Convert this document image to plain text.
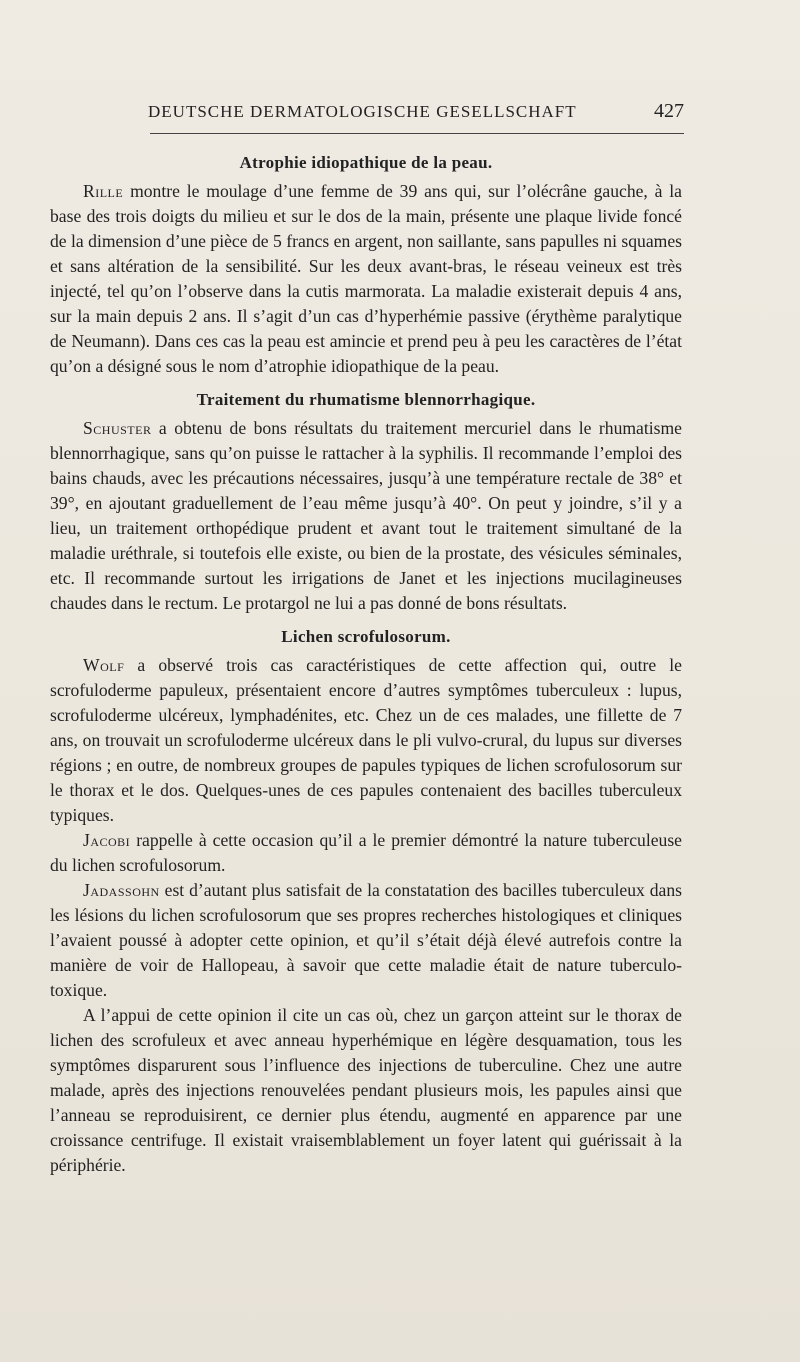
DEUTSCHE DERMATOLOGISCHE GESELLSCHAFT	427

Atrophie idiopathique de la peau.

Rille montre le moulage d’une femme de 39 ans qui, sur l’olécrâne gauche, à la base des trois doigts du milieu et sur le dos de la main, présente une plaque livide foncé de la dimension d’une pièce de 5 francs en argent, non saillante, sans papulles ni squames et sans altération de la sensibilité. Sur les deux avant-bras, le réseau veineux est très injecté, tel qu’on l’observe dans la cutis marmorata. La maladie existerait depuis 4 ans, sur la main depuis 2 ans. Il s’agit d’un cas d’hyperhémie passive (érythème paralytique de Neumann). Dans ces cas la peau est amincie et prend peu à peu les caractères de l’état qu’on a désigné sous le nom d’atrophie idiopathique de la peau.

Traitement du rhumatisme blennorrhagique.

Schuster a obtenu de bons résultats du traitement mercuriel dans le rhumatisme blennorrhagique, sans qu’on puisse le rattacher à la syphilis. Il recommande l’emploi des bains chauds, avec les précautions nécessaires, jusqu’à une température rectale de 38° et 39°, en ajoutant graduellement de l’eau même jusqu’à 40°. On peut y joindre, s’il y a lieu, un traitement orthopédique prudent et avant tout le traitement simultané de la maladie uréthrale, si toutefois elle existe, ou bien de la prostate, des vésicules séminales, etc. Il recommande surtout les irrigations de Janet et les injections mucilagineuses chaudes dans le rectum. Le protargol ne lui a pas donné de bons résultats.

Lichen scrofulosorum.

Wolf a observé trois cas caractéristiques de cette affection qui, outre le scrofuloderme papuleux, présentaient encore d’autres symptômes tuberculeux : lupus, scrofuloderme ulcéreux, lymphadénites, etc. Chez un de ces malades, une fillette de 7 ans, on trouvait un scrofuloderme ulcéreux dans le pli vulvo-crural, du lupus sur diverses régions ; en outre, de nombreux groupes de papules typiques de lichen scrofulosorum sur le thorax et le dos. Quelques-unes de ces papules contenaient des bacilles tuberculeux typiques.

Jacobi rappelle à cette occasion qu’il a le premier démontré la nature tuberculeuse du lichen scrofulosorum.

Jadassohn est d’autant plus satisfait de la constatation des bacilles tuberculeux dans les lésions du lichen scrofulosorum que ses propres recherches histologiques et cliniques l’avaient poussé à adopter cette opinion, et qu’il s’était déjà élevé autrefois contre la manière de voir de Hallopeau, à savoir que cette maladie était de nature tuberculo-toxique.

A l’appui de cette opinion il cite un cas où, chez un garçon atteint sur le thorax de lichen des scrofuleux et avec anneau hyperhémique en légère desquamation, tous les symptômes disparurent sous l’influence des injections de tuberculine. Chez une autre malade, après des injections renouvelées pendant plusieurs mois, les papules ainsi que l’anneau se reproduisirent, ce dernier plus étendu, augmenté en apparence par une croissance centrifuge. Il existait vraisemblablement un foyer latent qui guérissait à la périphérie.
